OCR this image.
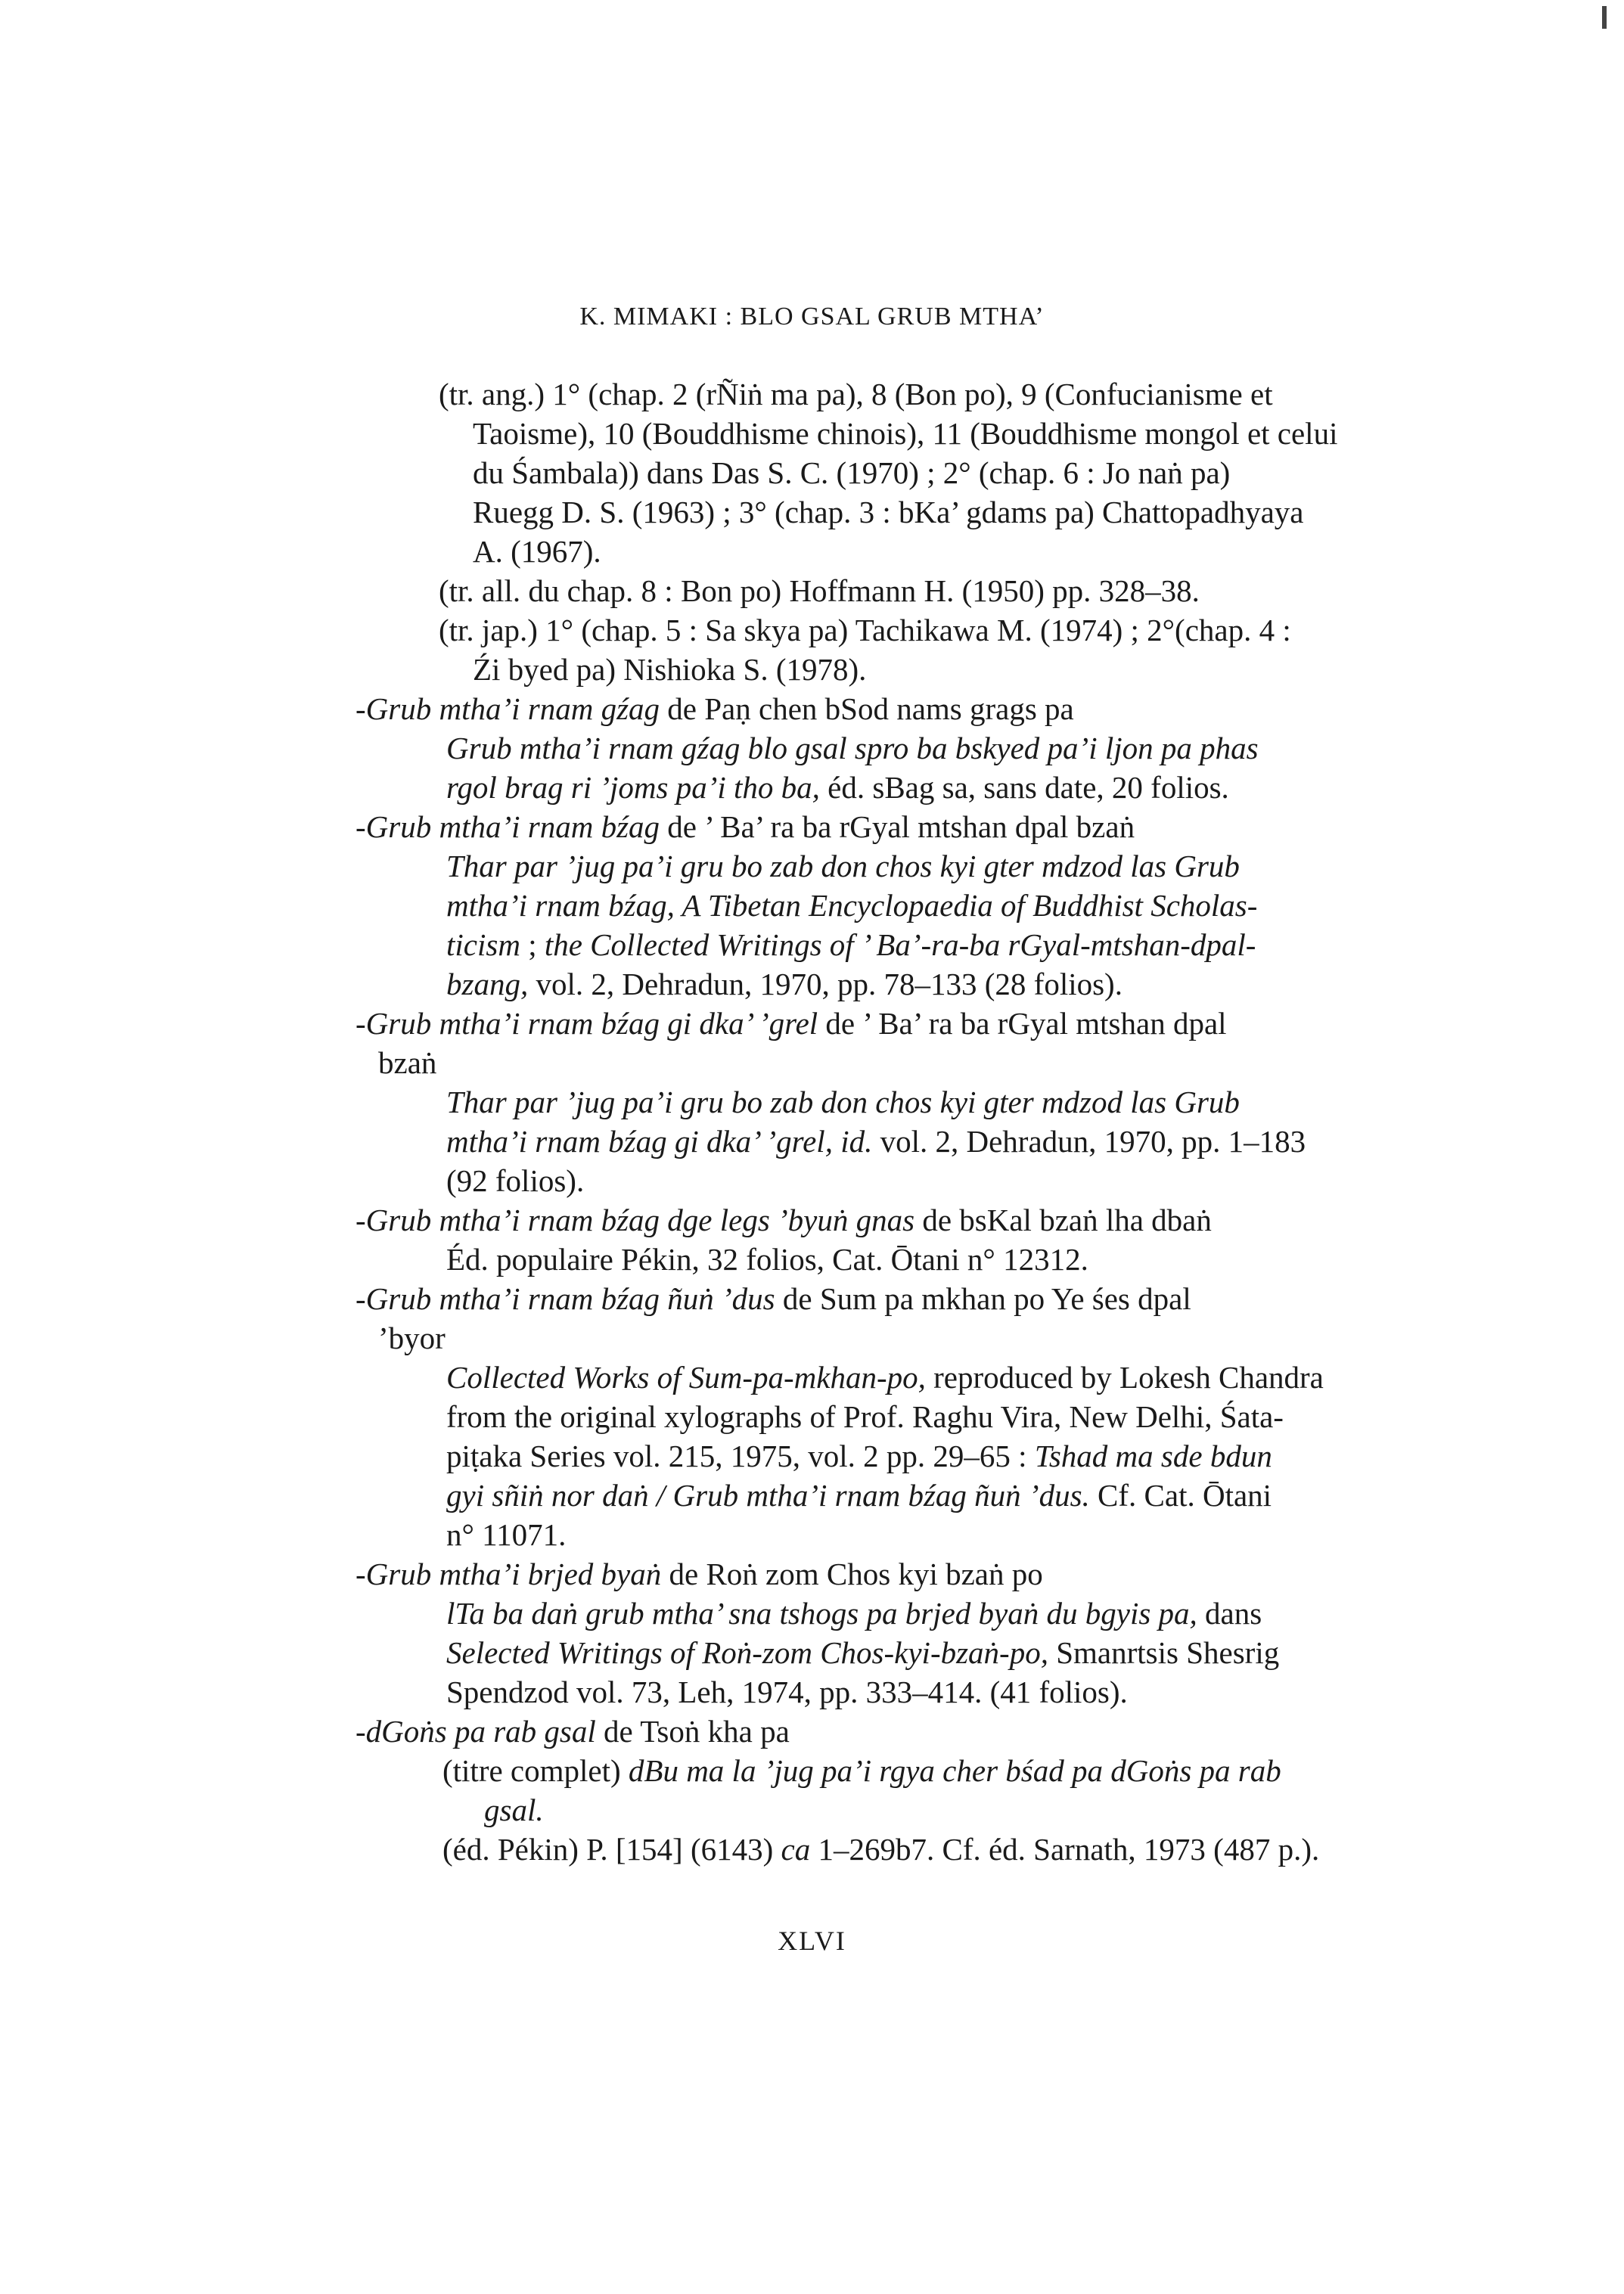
K. MIMAKI : BLO GSAL GRUB MTHA’
(tr. ang.) 1° (chap. 2 (rÑiṅ ma pa), 8 (Bon po), 9 (Confucianisme et
Taoisme), 10 (Bouddhisme chinois), 11 (Bouddhisme mongol et celui
du Śambala)) dans Das S. C. (1970) ; 2° (chap. 6 : Jo naṅ pa)
Ruegg D. S. (1963) ; 3° (chap. 3 : bKa’ gdams pa) Chattopadhyaya
A. (1967).
(tr. all. du chap. 8 : Bon po) Hoffmann H. (1950) pp. 328–38.
(tr. jap.) 1° (chap. 5 : Sa skya pa) Tachikawa M. (1974) ; 2°(chap. 4 :
Źi byed pa) Nishioka S. (1978).
-Grub mtha’i rnam gźag de Paṇ chen bSod nams grags pa
Grub mtha’i rnam gźag blo gsal spro ba bskyed pa’i ljon pa phas
rgol brag ri ’joms pa’i tho ba, éd. sBag sa, sans date, 20 folios.
-Grub mtha’i rnam bźag de ’ Ba’ ra ba rGyal mtshan dpal bzaṅ
Thar par ’jug pa’i gru bo zab don chos kyi gter mdzod las Grub
mtha’i rnam bźag, A Tibetan Encyclopaedia of Buddhist Scholas-
ticism ; the Collected Writings of ’ Ba’-ra-ba rGyal-mtshan-dpal-
bzang, vol. 2, Dehradun, 1970, pp. 78–133 (28 folios).
-Grub mtha’i rnam bźag gi dka’ ’grel de ’ Ba’ ra ba rGyal mtshan dpal
bzaṅ
Thar par ’jug pa’i gru bo zab don chos kyi gter mdzod las Grub
mtha’i rnam bźag gi dka’ ’grel, id. vol. 2, Dehradun, 1970, pp. 1–183
(92 folios).
-Grub mtha’i rnam bźag dge legs ’byuṅ gnas de bsKal bzaṅ lha dbaṅ
Éd. populaire Pékin, 32 folios, Cat. Ōtani n° 12312.
-Grub mtha’i rnam bźag ñuṅ ’dus de Sum pa mkhan po Ye śes dpal
’byor
Collected Works of Sum-pa-mkhan-po, reproduced by Lokesh Chandra
from the original xylographs of Prof. Raghu Vira, New Delhi, Śata-
piṭaka Series vol. 215, 1975, vol. 2 pp. 29–65 : Tshad ma sde bdun
gyi sñiṅ nor daṅ / Grub mtha’i rnam bźag ñuṅ ’dus. Cf. Cat. Ōtani
n° 11071.
-Grub mtha’i brjed byaṅ de Roṅ zom Chos kyi bzaṅ po
lTa ba daṅ grub mtha’ sna tshogs pa brjed byaṅ du bgyis pa, dans
Selected Writings of Roṅ-zom Chos-kyi-bzaṅ-po, Smanrtsis Shesrig
Spendzod vol. 73, Leh, 1974, pp. 333–414. (41 folios).
-dGoṅs pa rab gsal de Tsoṅ kha pa
(titre complet) dBu ma la ’jug pa’i rgya cher bśad pa dGoṅs pa rab
gsal.
(éd. Pékin) P. [154] (6143) ca 1–269b7. Cf. éd. Sarnath, 1973 (487 p.).
XLVI
